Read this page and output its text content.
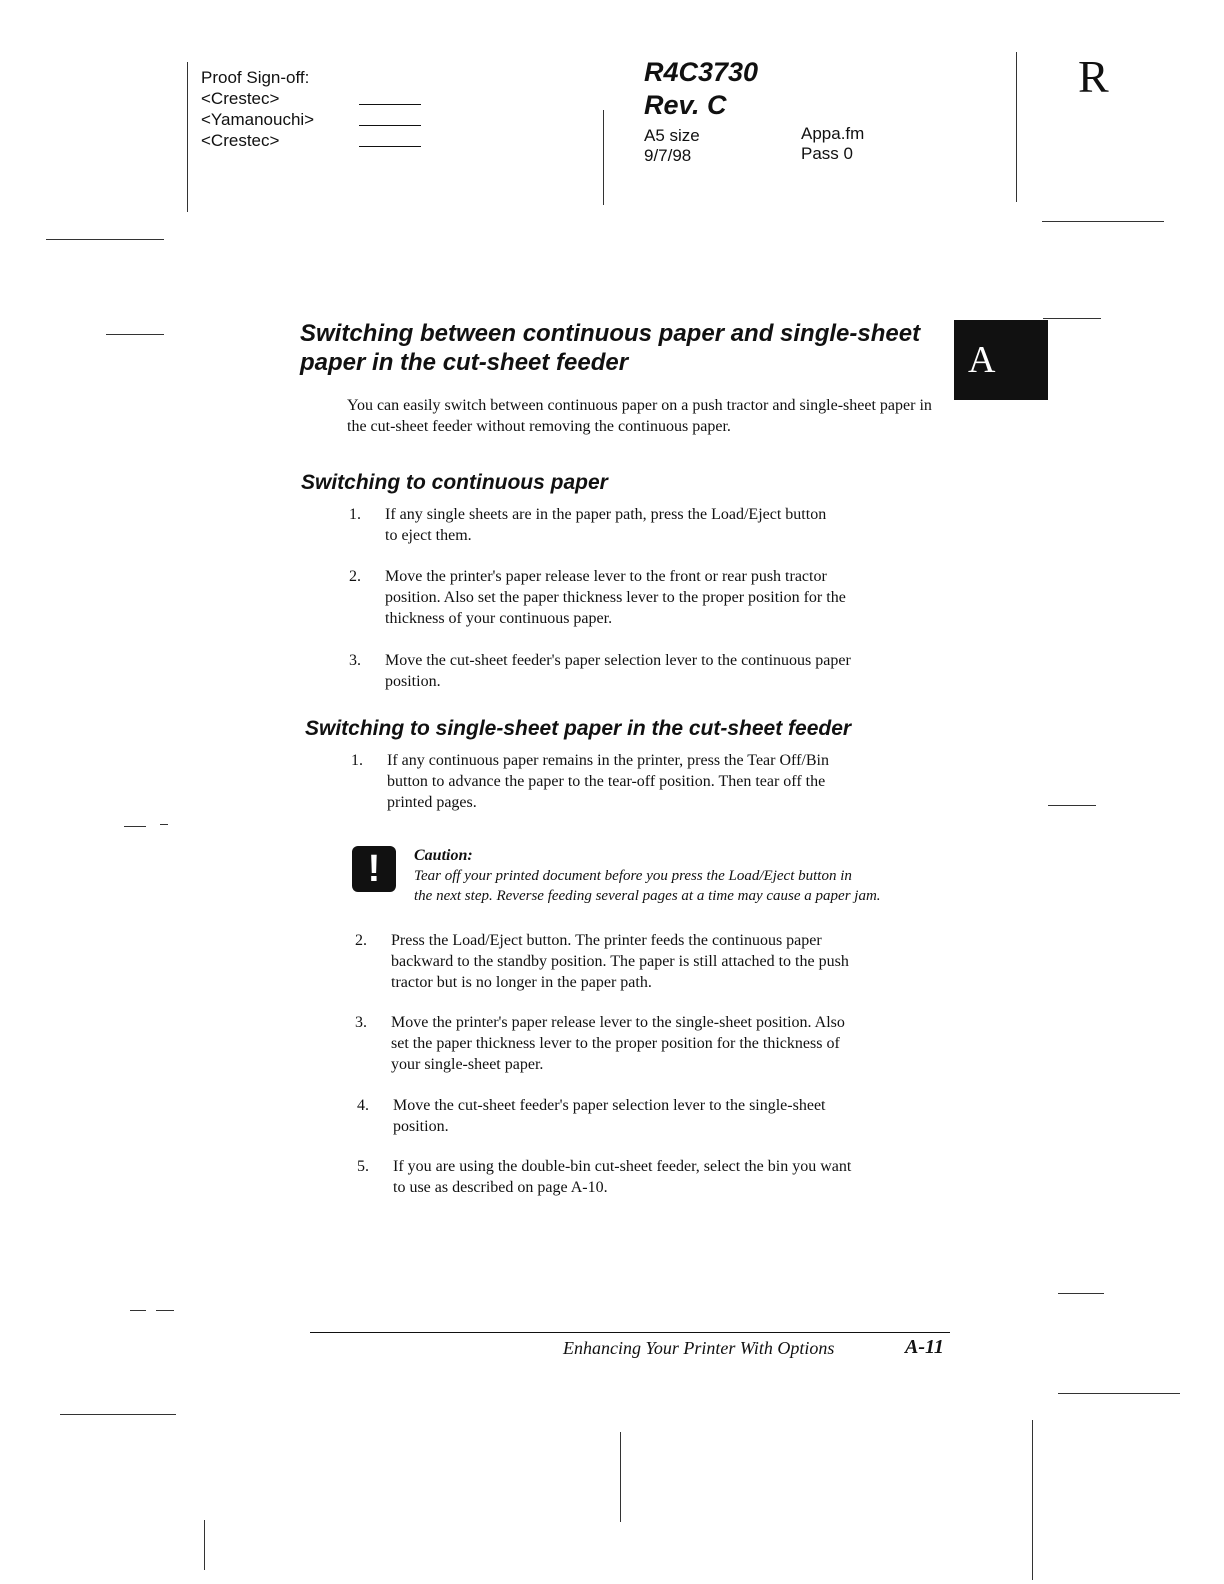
Proof Sign-off:
<Crestec>
<Yamanouchi>
<Crestec>
R4C3730
Rev. C
A5 size
9/7/98
Appa.fm
Pass 0
R
A
Switching between continuous paper and single-sheet paper in the cut-sheet feeder
You can easily switch between continuous paper on a push tractor and single-sheet paper in the cut-sheet feeder without removing the continuous paper.
Switching to continuous paper
1. If any single sheets are in the paper path, press the Load/Eject button
to eject them.
2. Move the printer's paper release lever to the front or rear push tractor
position. Also set the paper thickness lever to the proper position for the
thickness of your continuous paper.
3. Move the cut-sheet feeder's paper selection lever to the continuous paper
position.
Switching to single-sheet paper in the cut-sheet feeder
1. If any continuous paper remains in the printer, press the Tear Off/Bin
button to advance the paper to the tear-off position. Then tear off the
printed pages.
! Caution:
Tear off your printed document before you press the Load/Eject button in
the next step. Reverse feeding several pages at a time may cause a paper jam.
2. Press the Load/Eject button. The printer feeds the continuous paper
backward to the standby position. The paper is still attached to the push
tractor but is no longer in the paper path.
3. Move the printer's paper release lever to the single-sheet position. Also
set the paper thickness lever to the proper position for the thickness of
your single-sheet paper.
4. Move the cut-sheet feeder's paper selection lever to the single-sheet
position.
5. If you are using the double-bin cut-sheet feeder, select the bin you want
to use as described on page A-10.
Enhancing Your Printer With Options	A-11
